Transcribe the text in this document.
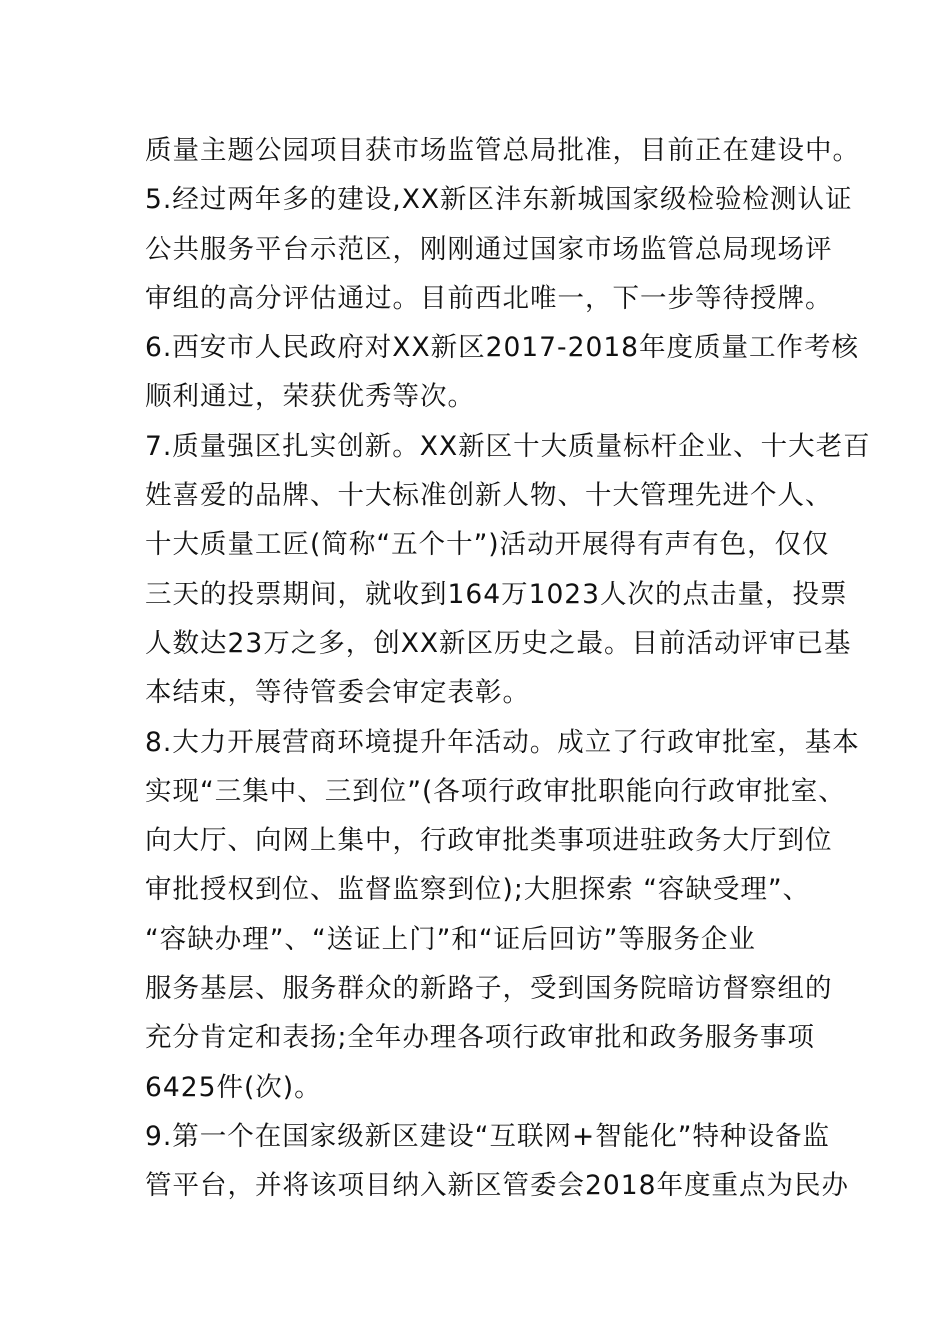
质量主题公园项目获市场监管总局批准，目前正在建设中。
5.经过两年多的建设,XX新区沣东新城国家级检验检测认证
公共服务平台示范区，刚刚通过国家市场监管总局现场评
审组的高分评估通过。目前西北唯一，下一步等待授牌。
6.西安市人民政府对XX新区2017-2018年度质量工作考核
顺利通过，荣获优秀等次。
7.质量强区扎实创新。XX新区十大质量标杆企业、十大老百
姓喜爱的品牌、十大标准创新人物、十大管理先进个人、
十大质量工匠(简称“五个十”)活动开展得有声有色，仅仅
三天的投票期间，就收到164万1023人次的点击量，投票
人数达23万之多，创XX新区历史之最。目前活动评审已基
本结束，等待管委会审定表彰。
8.大力开展营商环境提升年活动。成立了行政审批室，基本
实现“三集中、三到位”(各项行政审批职能向行政审批室、
向大厅、向网上集中，行政审批类事项进驻政务大厅到位
审批授权到位、监督监察到位);大胆探索 “容缺受理”、
“容缺办理”、“送证上门”和“证后回访”等服务企业
服务基层、服务群众的新路子，受到国务院暗访督察组的
充分肯定和表扬;全年办理各项行政审批和政务服务事项
6425件(次)。
9.第一个在国家级新区建设“互联网+智能化”特种设备监
管平台，并将该项目纳入新区管委会2018年度重点为民办
